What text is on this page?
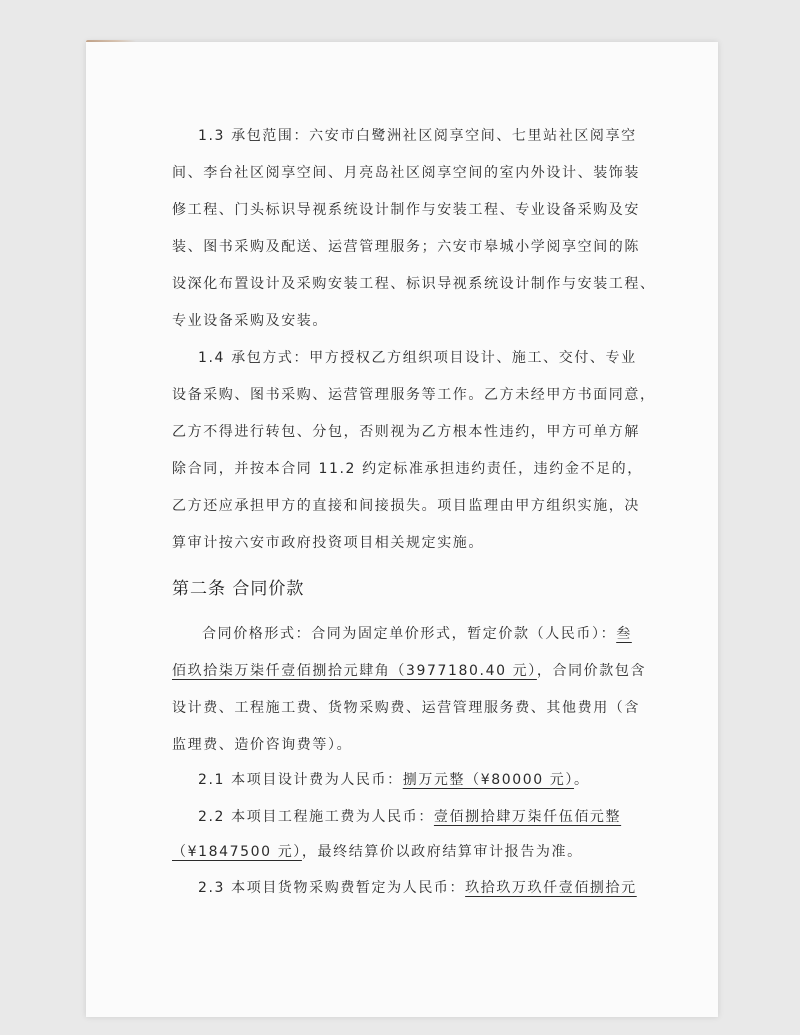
1.3 承包范围：六安市白鹭洲社区阅享空间、七里站社区阅享空
间、李台社区阅享空间、月亮岛社区阅享空间的室内外设计、装饰装
修工程、门头标识导视系统设计制作与安装工程、专业设备采购及安
装、图书采购及配送、运营管理服务；六安市皋城小学阅享空间的陈
设深化布置设计及采购安装工程、标识导视系统设计制作与安装工程、
专业设备采购及安装。
1.4 承包方式：甲方授权乙方组织项目设计、施工、交付、专业
设备采购、图书采购、运营管理服务等工作。乙方未经甲方书面同意，
乙方不得进行转包、分包，否则视为乙方根本性违约，甲方可单方解
除合同，并按本合同 11.2 约定标准承担违约责任，违约金不足的，
乙方还应承担甲方的直接和间接损失。项目监理由甲方组织实施，决
算审计按六安市政府投资项目相关规定实施。
第二条 合同价款
合同价格形式：合同为固定单价形式，暂定价款（人民币）：叁
佰玖拾柒万柒仟壹佰捌拾元肆角（3977180.40 元），合同价款包含
设计费、工程施工费、货物采购费、运营管理服务费、其他费用（含
监理费、造价咨询费等）。
2.1 本项目设计费为人民币：捌万元整（¥80000 元）。
2.2 本项目工程施工费为人民币：壹佰捌拾肆万柒仟伍佰元整
（¥1847500 元），最终结算价以政府结算审计报告为准。
2.3 本项目货物采购费暂定为人民币：玖拾玖万玖仟壹佰捌拾元
